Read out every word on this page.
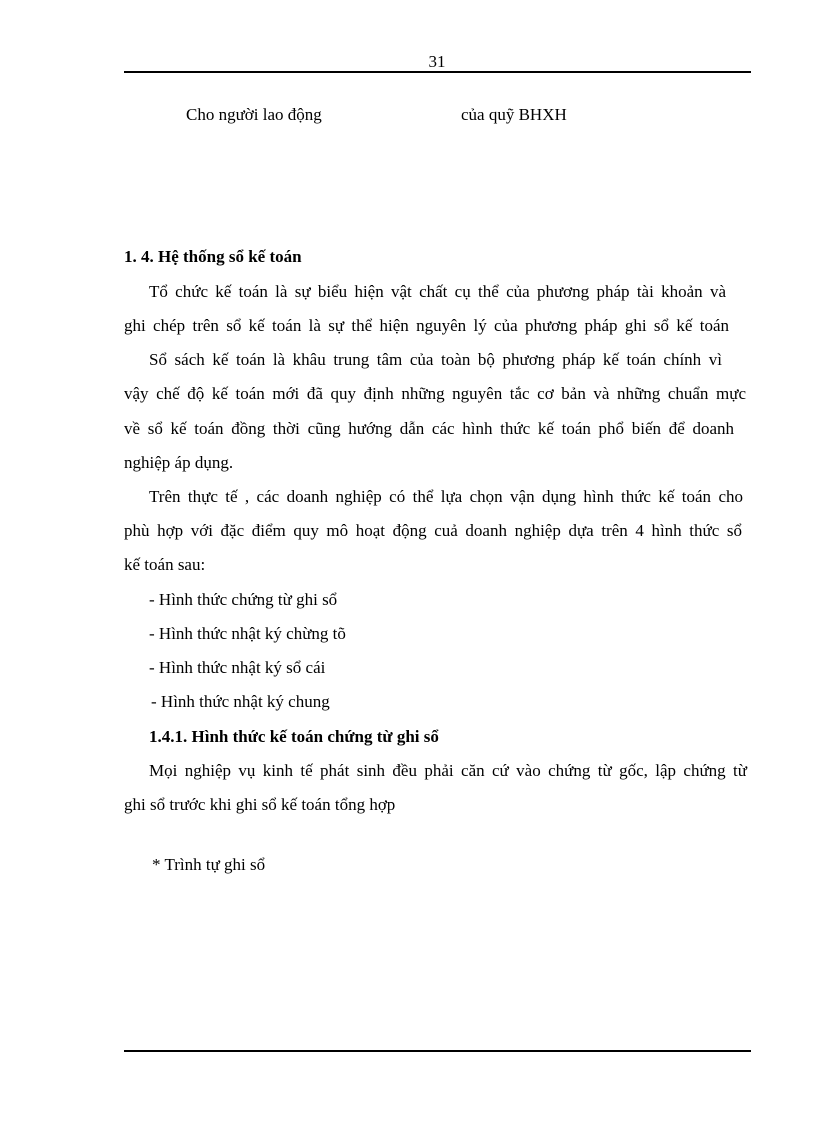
31
Cho người lao động	của quỹ BHXH
1. 4. Hệ thống sổ kế toán
Tổ chức kế toán là sự biểu hiện vật chất cụ thể của phương pháp tài khoản và
ghi chép trên sổ kế toán là sự thể hiện nguyên lý của phương pháp ghi sổ kế toán
Sổ sách kế toán là khâu trung tâm của toàn bộ phương pháp kế toán chính vì
vậy chế độ kế toán mới đã quy định những nguyên tắc cơ bản và những chuẩn mực
về sổ kế toán đồng thời cũng hướng dẫn các hình thức kế toán phổ biến để doanh
nghiệp áp dụng.
Trên thực tế , các doanh nghiệp có thể lựa chọn vận dụng hình thức kế toán cho
phù hợp với đặc điểm quy mô hoạt động cuả doanh nghiệp dựa trên 4 hình thức sổ
kế toán sau:
- Hình thức chứng từ ghi sổ
- Hình thức nhật ký chừng tõ
- Hình thức nhật ký sổ cái
- Hình thức nhật ký chung
1.4.1. Hình thức kế toán chứng từ ghi sổ
Mọi nghiệp vụ kinh tế phát sinh đều phải căn cứ vào chứng từ gốc, lập chứng từ
ghi sổ trước khi ghi sổ kế toán tổng hợp
* Trình tự ghi sổ
